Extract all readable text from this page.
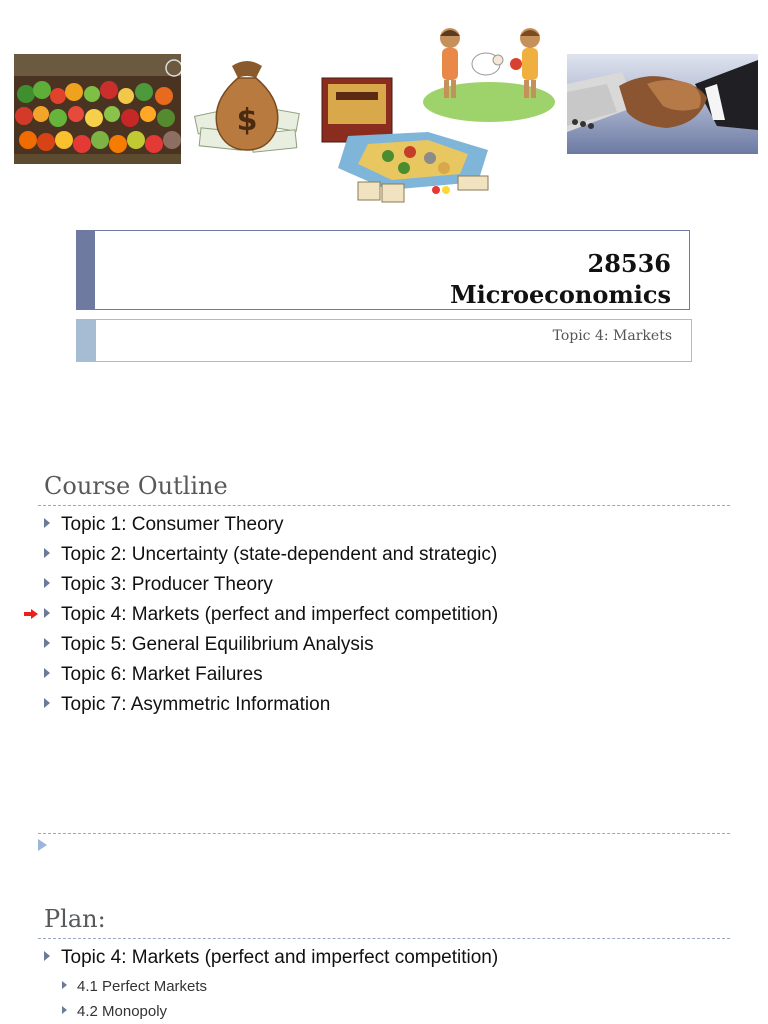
$
28536
Microeconomics
Topic 4: Markets
Course Outline
Topic 1: Consumer Theory
Topic 2: Uncertainty (state-dependent and strategic)
Topic 3: Producer Theory
Topic 4: Markets (perfect and imperfect competition)
Topic 5: General Equilibrium Analysis
Topic 6: Market Failures
Topic 7: Asymmetric Information
Plan:
Topic 4: Markets (perfect and imperfect competition)
4.1 Perfect Markets
4.2 Monopoly
